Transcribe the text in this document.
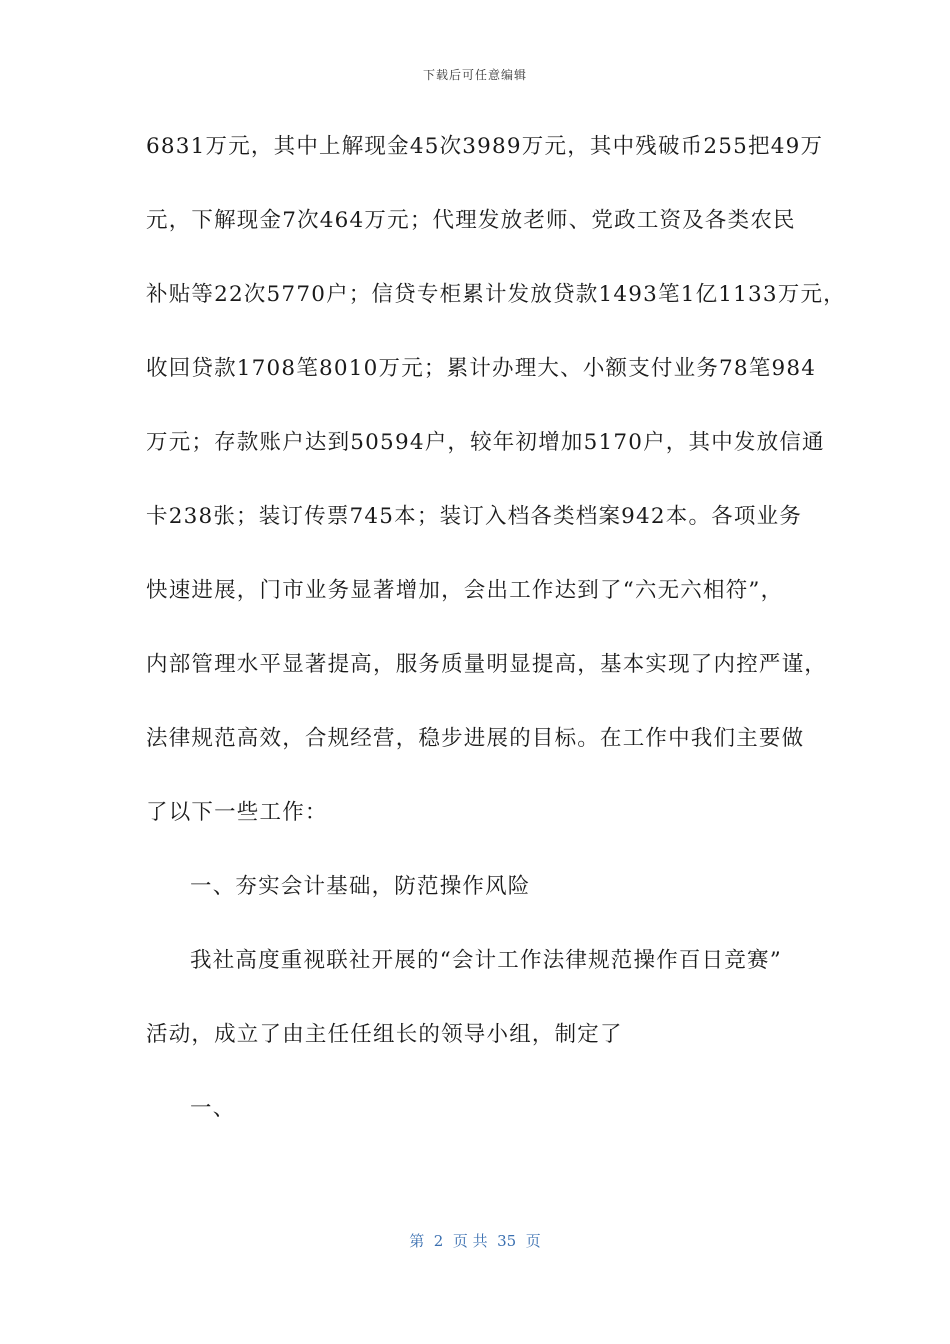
下载后可任意编辑
6831万元，其中上解现金45次3989万元，其中残破币255把49万
元，下解现金7次464万元；代理发放老师、党政工资及各类农民
补贴等22次5770户；信贷专柜累计发放贷款1493笔1亿1133万元，
收回贷款1708笔8010万元；累计办理大、小额支付业务78笔984
万元；存款账户达到50594户，较年初增加5170户，其中发放信通
卡238张；装订传票745本；装订入档各类档案942本。各项业务
快速进展，门市业务显著增加，会出工作达到了“六无六相符”，
内部管理水平显著提高，服务质量明显提高，基本实现了内控严谨，
法律规范高效，合规经营，稳步进展的目标。在工作中我们主要做
了以下一些工作：
一、夯实会计基础，防范操作风险
我社高度重视联社开展的“会计工作法律规范操作百日竞赛”
活动，成立了由主任任组长的领导小组，制定了
一、
第  2  页 共  35  页
